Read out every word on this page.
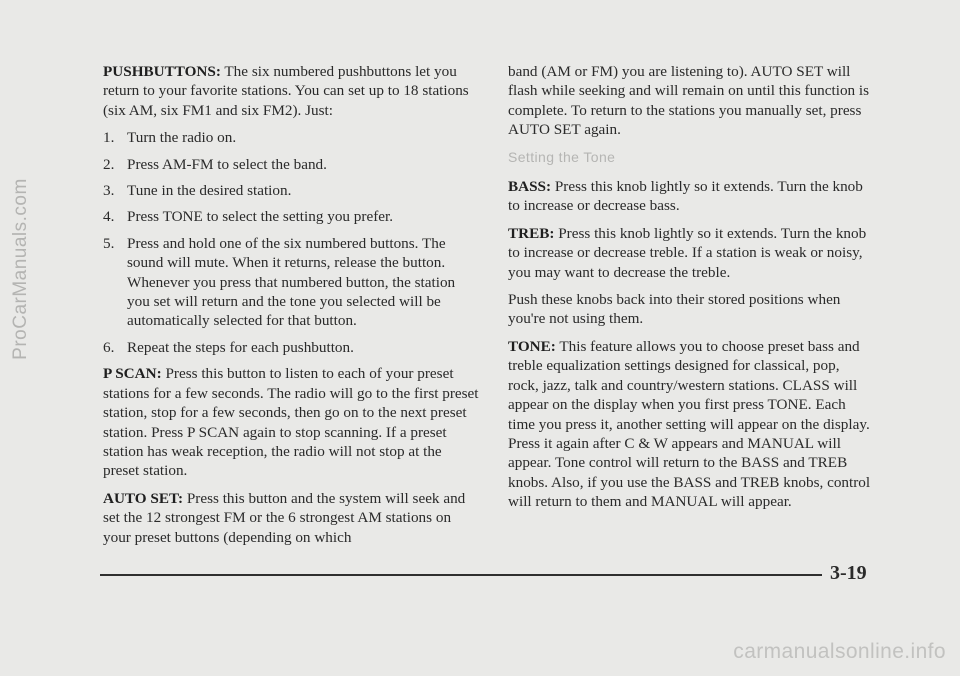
ProCarManuals.com

PUSHBUTTONS: The six numbered pushbuttons let you return to your favorite stations. You can set up to 18 stations (six AM, six FM1 and six FM2). Just:

1. Turn the radio on.
2. Press AM-FM to select the band.
3. Tune in the desired station.
4. Press TONE to select the setting you prefer.
5. Press and hold one of the six numbered buttons. The sound will mute. When it returns, release the button. Whenever you press that numbered button, the station you set will return and the tone you selected will be automatically selected for that button.
6. Repeat the steps for each pushbutton.

P SCAN: Press this button to listen to each of your preset stations for a few seconds. The radio will go to the first preset station, stop for a few seconds, then go on to the next preset station. Press P SCAN again to stop scanning. If a preset station has weak reception, the radio will not stop at the preset station.

AUTO SET: Press this button and the system will seek and set the 12 strongest FM or the 6 strongest AM stations on your preset buttons (depending on which

band (AM or FM) you are listening to). AUTO SET will flash while seeking and will remain on until this function is complete. To return to the stations you manually set, press AUTO SET again.

Setting the Tone

BASS: Press this knob lightly so it extends. Turn the knob to increase or decrease bass.

TREB: Press this knob lightly so it extends. Turn the knob to increase or decrease treble. If a station is weak or noisy, you may want to decrease the treble.

Push these knobs back into their stored positions when you're not using them.

TONE: This feature allows you to choose preset bass and treble equalization settings designed for classical, pop, rock, jazz, talk and country/western stations. CLASS will appear on the display when you first press TONE. Each time you press it, another setting will appear on the display. Press it again after C & W appears and MANUAL will appear. Tone control will return to the BASS and TREB knobs. Also, if you use the BASS and TREB knobs, control will return to them and MANUAL will appear.

3-19
carmanualsonline.info
